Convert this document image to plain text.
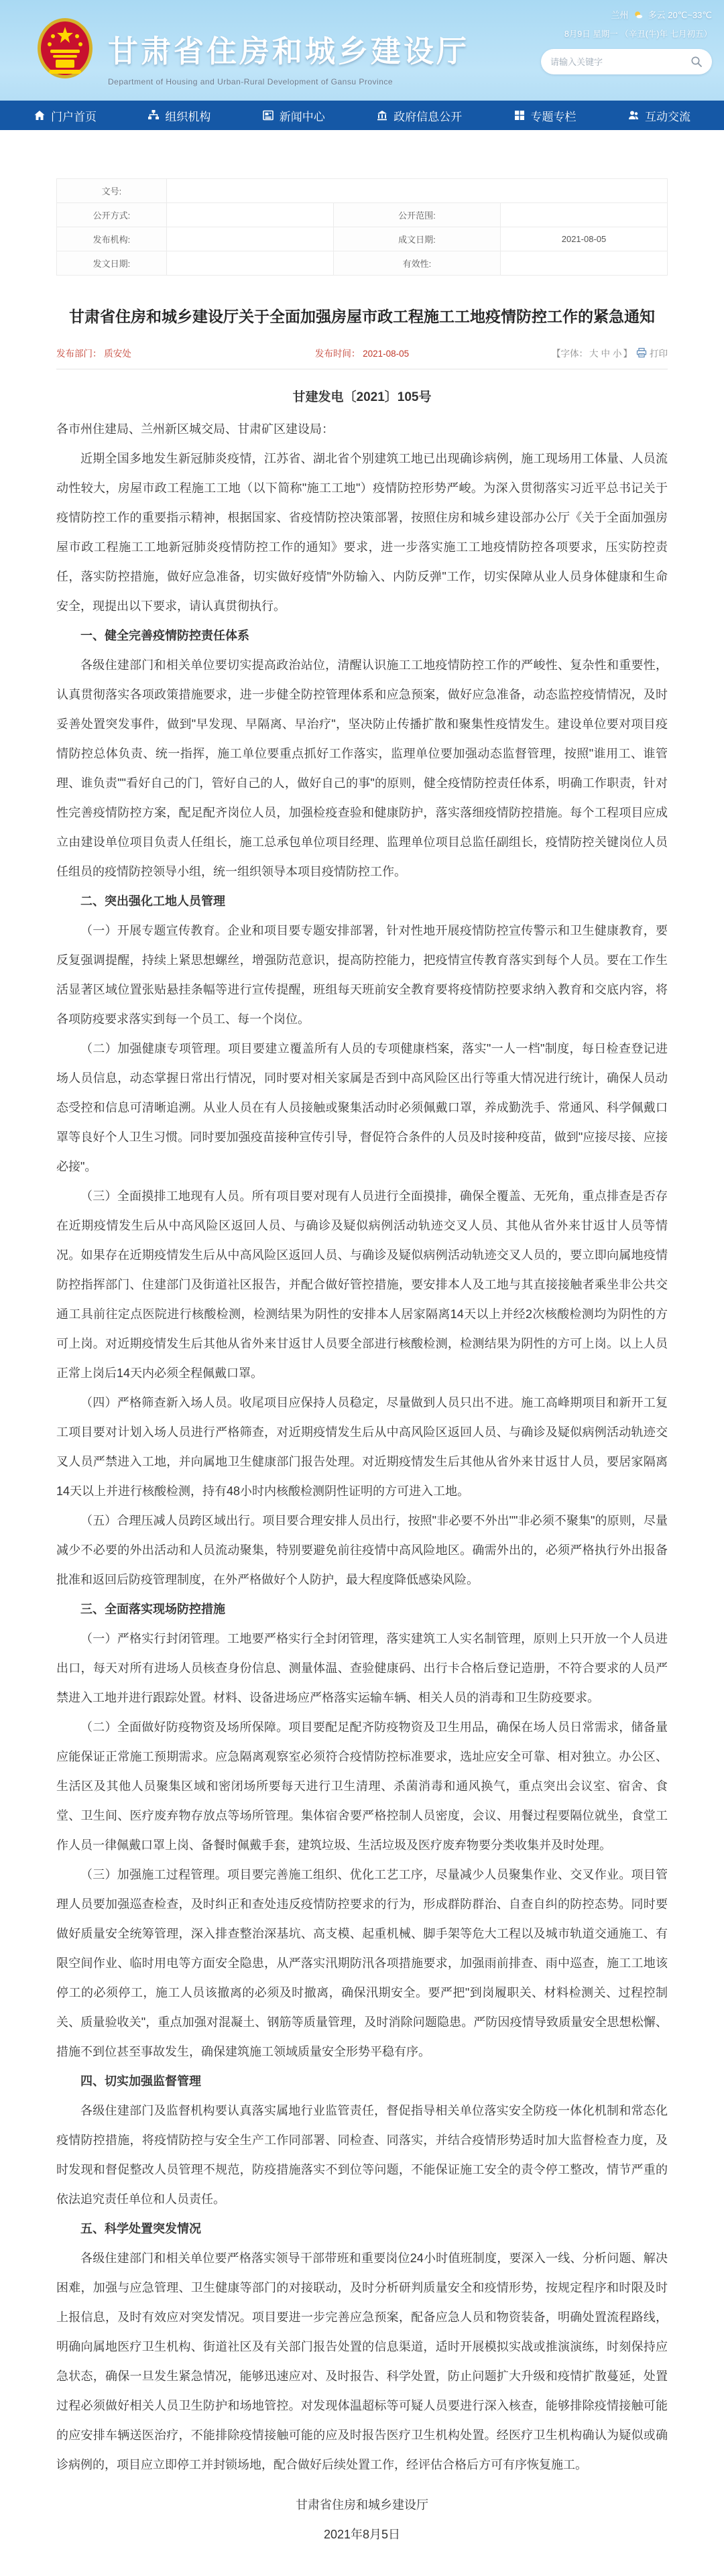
甘肃省住房和城乡建设厅
Department of Housing and Urban-Rural Development of Gansu Province
兰州 多云 20℃~33℃
8月9日 星期一 （辛丑(牛)年 七月初五）
请输入关键字
门户首页	组织机构	新闻中心	政府信息公开	专题专栏	互动交流
文号:			
公开方式:		公开范围:	
发布机构:		成文日期:	2021-08-05
发文日期:		有效性:	
甘肃省住房和城乡建设厅关于全面加强房屋市政工程施工工地疫情防控工作的紧急通知
发布部门： 质安处	发布时间： 2021-08-05	【字体： 大 中 小 】 打印
甘建发电〔2021〕105号

各市州住建局、兰州新区城交局、甘肃矿区建设局：

近期全国多地发生新冠肺炎疫情，江苏省、湖北省个别建筑工地已出现确诊病例，施工现场用工体量、人员流动性较大，房屋市政工程施工工地（以下简称"施工工地"）疫情防控形势严峻。为深入贯彻落实习近平总书记关于疫情防控工作的重要指示精神，根据国家、省疫情防控决策部署，按照住房和城乡建设部办公厅《关于全面加强房屋市政工程施工工地新冠肺炎疫情防控工作的通知》要求，进一步落实施工工地疫情防控各项要求，压实防控责任，落实防控措施，做好应急准备，切实做好疫情"外防输入、内防反弹"工作，切实保障从业人员身体健康和生命安全，现提出以下要求，请认真贯彻执行。

一、健全完善疫情防控责任体系

各级住建部门和相关单位要切实提高政治站位，清醒认识施工工地疫情防控工作的严峻性、复杂性和重要性，认真贯彻落实各项政策措施要求，进一步健全防控管理体系和应急预案，做好应急准备，动态监控疫情情况，及时妥善处置突发事件，做到"早发现、早隔离、早治疗"，坚决防止传播扩散和聚集性疫情发生。建设单位要对项目疫情防控总体负责、统一指挥，施工单位要重点抓好工作落实，监理单位要加强动态监督管理，按照"谁用工、谁管理、谁负责""看好自己的门，管好自己的人，做好自己的事"的原则，健全疫情防控责任体系，明确工作职责，针对性完善疫情防控方案，配足配齐岗位人员，加强检疫查验和健康防护，落实落细疫情防控措施。每个工程项目应成立由建设单位项目负责人任组长，施工总承包单位项目经理、监理单位项目总监任副组长，疫情防控关键岗位人员任组员的疫情防控领导小组，统一组织领导本项目疫情防控工作。

二、突出强化工地人员管理

（一）开展专题宣传教育。企业和项目要专题安排部署，针对性地开展疫情防控宣传警示和卫生健康教育，要反复强调提醒，持续上紧思想螺丝，增强防范意识，提高防控能力，把疫情宣传教育落实到每个人员。要在工作生活显著区域位置张贴悬挂条幅等进行宣传提醒，班组每天班前安全教育要将疫情防控要求纳入教育和交底内容，将各项防疫要求落实到每一个员工、每一个岗位。

（二）加强健康专项管理。项目要建立覆盖所有人员的专项健康档案，落实"一人一档"制度，每日检查登记进场人员信息，动态掌握日常出行情况，同时要对相关家属是否到中高风险区出行等重大情况进行统计，确保人员动态受控和信息可清晰追溯。从业人员在有人员接触或聚集活动时必须佩戴口罩，养成勤洗手、常通风、科学佩戴口罩等良好个人卫生习惯。同时要加强疫苗接种宣传引导，督促符合条件的人员及时接种疫苗，做到"应接尽接、应接必接"。

（三）全面摸排工地现有人员。所有项目要对现有人员进行全面摸排，确保全覆盖、无死角，重点排查是否存在近期疫情发生后从中高风险区返回人员、与确诊及疑似病例活动轨迹交叉人员、其他从省外来甘返甘人员等情况。如果存在近期疫情发生后从中高风险区返回人员、与确诊及疑似病例活动轨迹交叉人员的，要立即向属地疫情防控指挥部门、住建部门及街道社区报告，并配合做好管控措施，要安排本人及工地与其直接接触者乘坐非公共交通工具前往定点医院进行核酸检测，检测结果为阴性的安排本人居家隔离14天以上并经2次核酸检测均为阴性的方可上岗。对近期疫情发生后其他从省外来甘返甘人员要全部进行核酸检测，检测结果为阴性的方可上岗。以上人员正常上岗后14天内必须全程佩戴口罩。

（四）严格筛查新入场人员。收尾项目应保持人员稳定，尽量做到人员只出不进。施工高峰期项目和新开工复工项目要对计划入场人员进行严格筛查，对近期疫情发生后从中高风险区返回人员、与确诊及疑似病例活动轨迹交叉人员严禁进入工地，并向属地卫生健康部门报告处理。对近期疫情发生后其他从省外来甘返甘人员，要居家隔离14天以上并进行核酸检测，持有48小时内核酸检测阴性证明的方可进入工地。

（五）合理压减人员跨区域出行。项目要合理安排人员出行，按照"非必要不外出""非必须不聚集"的原则，尽量减少不必要的外出活动和人员流动聚集，特别要避免前往疫情中高风险地区。确需外出的，必须严格执行外出报备批准和返回后防疫管理制度，在外严格做好个人防护，最大程度降低感染风险。

三、全面落实现场防控措施

（一）严格实行封闭管理。工地要严格实行全封闭管理，落实建筑工人实名制管理，原则上只开放一个人员进出口，每天对所有进场人员核查身份信息、测量体温、查验健康码、出行卡合格后登记造册，不符合要求的人员严禁进入工地并进行跟踪处置。材料、设备进场应严格落实运输车辆、相关人员的消毒和卫生防疫要求。

（二）全面做好防疫物资及场所保障。项目要配足配齐防疫物资及卫生用品，确保在场人员日常需求，储备量应能保证正常施工预期需求。应急隔离观察室必须符合疫情防控标准要求，选址应安全可靠、相对独立。办公区、生活区及其他人员聚集区域和密闭场所要每天进行卫生清理、杀菌消毒和通风换气，重点突出会议室、宿舍、食堂、卫生间、医疗废弃物存放点等场所管理。集体宿舍要严格控制人员密度，会议、用餐过程要隔位就坐，食堂工作人员一律佩戴口罩上岗、备餐时佩戴手套，建筑垃圾、生活垃圾及医疗废弃物要分类收集并及时处理。

（三）加强施工过程管理。项目要完善施工组织、优化工艺工序，尽量减少人员聚集作业、交叉作业。项目管理人员要加强巡查检查，及时纠正和查处违反疫情防控要求的行为，形成群防群治、自查自纠的防控态势。同时要做好质量安全统筹管理，深入排查整治深基坑、高支模、起重机械、脚手架等危大工程以及城市轨道交通施工、有限空间作业、临时用电等方面安全隐患，从严落实汛期防汛各项措施要求，加强雨前排查、雨中巡查，施工工地该停工的必须停工，施工人员该撤离的必须及时撤离，确保汛期安全。要严把"到岗履职关、材料检测关、过程控制关、质量验收关"，重点加强对混凝土、钢筋等质量管理，及时消除问题隐患。严防因疫情导致质量安全思想松懈、措施不到位甚至事故发生，确保建筑施工领域质量安全形势平稳有序。

四、切实加强监督管理

各级住建部门及监督机构要认真落实属地行业监管责任，督促指导相关单位落实安全防疫一体化机制和常态化疫情防控措施，将疫情防控与安全生产工作同部署、同检查、同落实，并结合疫情形势适时加大监督检查力度，及时发现和督促整改人员管理不规范，防疫措施落实不到位等问题，不能保证施工安全的责令停工整改，情节严重的依法追究责任单位和人员责任。

五、科学处置突发情况

各级住建部门和相关单位要严格落实领导干部带班和重要岗位24小时值班制度，要深入一线、分析问题、解决困难，加强与应急管理、卫生健康等部门的对接联动，及时分析研判质量安全和疫情形势，按规定程序和时限及时上报信息，及时有效应对突发情况。项目要进一步完善应急预案，配备应急人员和物资装备，明确处置流程路线，明确向属地医疗卫生机构、街道社区及有关部门报告处置的信息渠道，适时开展模拟实战或推演演练，时刻保持应急状态，确保一旦发生紧急情况，能够迅速应对、及时报告、科学处置，防止问题扩大升级和疫情扩散蔓延，处置过程必须做好相关人员卫生防护和场地管控。对发现体温超标等可疑人员要进行深入核查，能够排除疫情接触可能的应安排车辆送医治疗，不能排除疫情接触可能的应及时报告医疗卫生机构处置。经医疗卫生机构确认为疑似或确诊病例的，项目应立即停工并封锁场地，配合做好后续处置工作，经评估合格后方可有序恢复施工。

甘肃省住房和城乡建设厅
2021年8月5日
